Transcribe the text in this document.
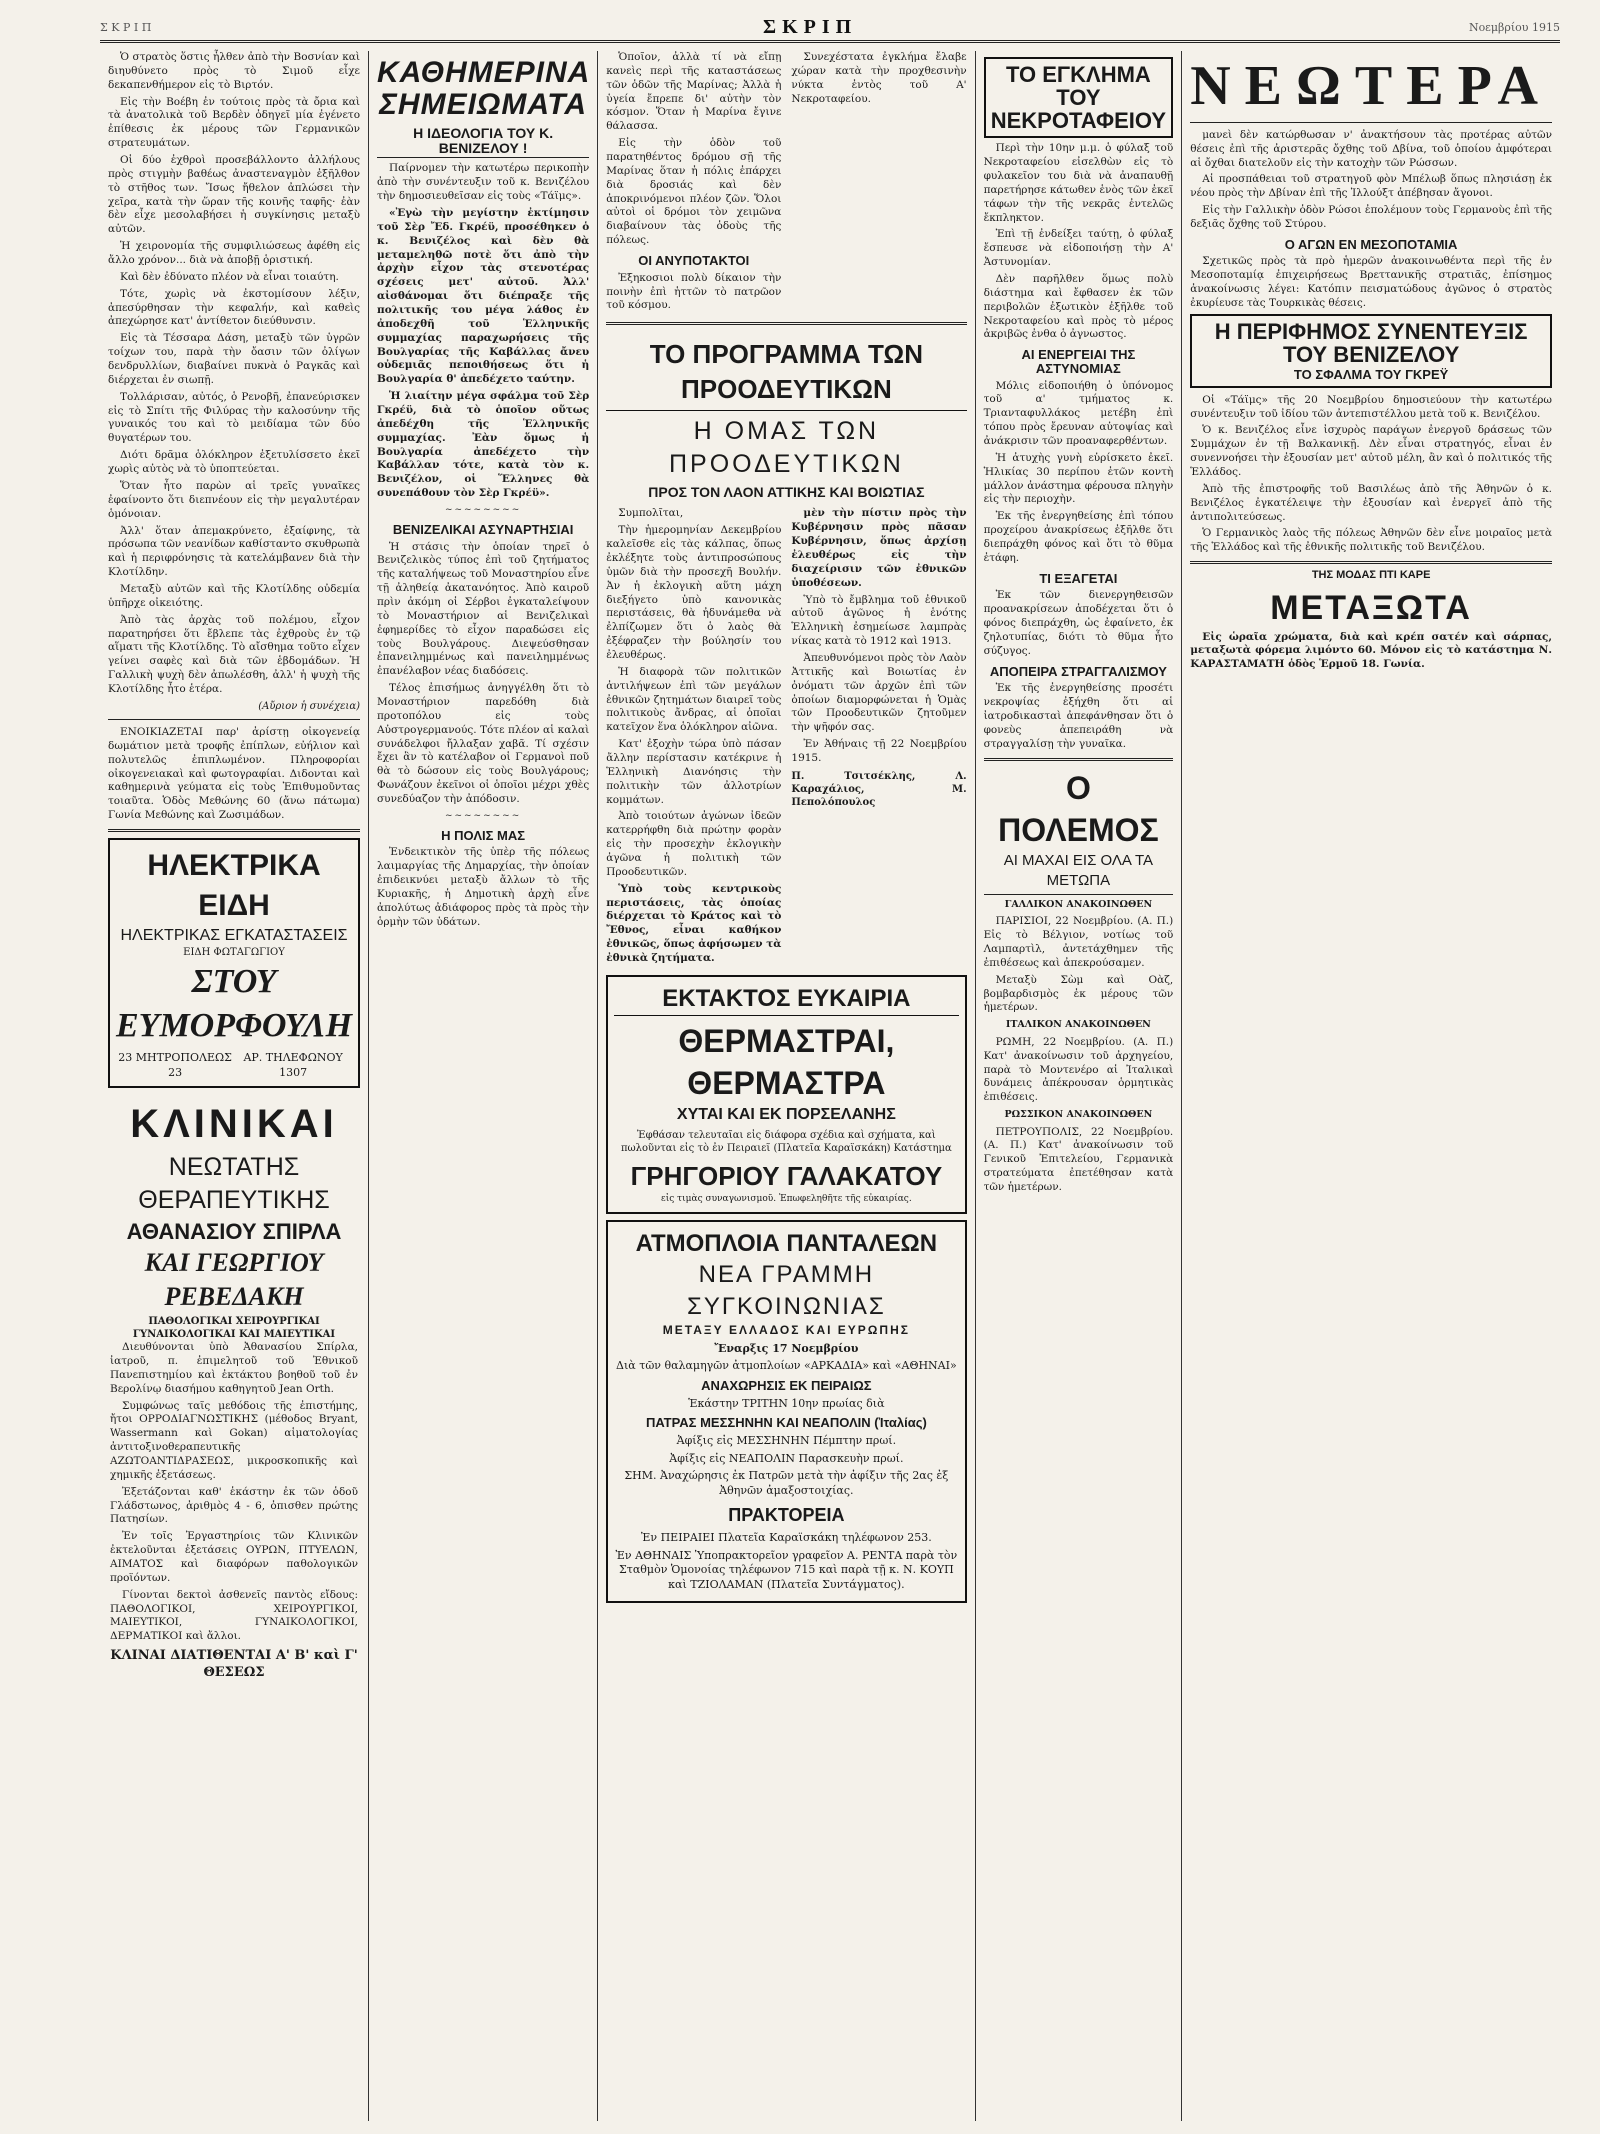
Σ Κ Ρ Ι Π	ΣΚΡΙΠ	Νοεμβρίου 1915

Ὁ στρατὸς ὅστις ἦλθεν ἀπὸ τὴν Βοσνίαν καὶ διηυθύνετο πρὸς τὸ Σιμοῦ εἶχε δεκαπενθήμερον εἰς τὸ Βιρτόν.

Εἰς τὴν Βοέβη ἐν τούτοις πρὸς τὰ ὄρια καὶ τὰ ἀνατολικὰ τοῦ Βερδὲν ὁδηγεῖ μία ἐγένετο ἐπίθεσις ἐκ μέρους τῶν Γερμανικῶν στρατευμάτων.

Οἱ δύο ἐχθροὶ προσεβάλλοντο ἀλλήλους πρὸς στιγμὴν βαθέως ἀναστεναγμὸν ἐξῆλθον τὸ στῆθος των. Ἴσως ἤθελον ἀπλώσει τὴν χεῖρα, κατὰ τὴν ὥραν τῆς κοινῆς ταφῆς· ἐὰν δὲν εἶχε μεσολαβήσει ἡ συγκίνησις μεταξὺ αὐτῶν.

Ἡ χειρονομία τῆς συμφιλιώσεως ἀφέθη εἰς ἄλλο χρόνον... διὰ νὰ ἀποβῇ ὁριστική.

Καὶ δὲν ἐδύνατο πλέον νὰ εἶναι τοιαύτη.

Τότε, χωρὶς νὰ ἐκστομίσουν λέξιν, ἀπεσύρθησαν τὴν κεφαλήν, καὶ καθεὶς ἀπεχώρησε κατ' ἀντίθετον διεύθυνσιν.

Εἰς τὰ Τέσσαρα Δάση, μεταξὺ τῶν ὑγρῶν τοίχων του, παρὰ τὴν ὄασιν τῶν ὀλίγων δενδρυλλίων, διαβαίνει πυκνὰ ὁ Ραγκᾶς καὶ διέρχεται ἐν σιωπῇ.

Τολλάρισαν, αὐτός, ὁ Ρενοβῆ, ἐπανεύρισκεν εἰς τὸ Σπίτι τῆς Φιλύρας τὴν καλοσύνην τῆς γυναικός του καὶ τὸ μειδίαμα τῶν δύο θυγατέρων του.

Διότι δρᾶμα ὁλόκληρον ἐξετυλίσσετο ἐκεῖ χωρὶς αὐτὸς νὰ τὸ ὑποπτεύεται.

Ὅταν ἦτο παρὼν αἱ τρεῖς γυναῖκες ἐφαίνοντο ὅτι διεπνέουν εἰς τὴν μεγαλυτέραν ὁμόνοιαν.

Ἀλλ' ὅταν ἀπεμακρύνετο, ἐξαίφνης, τὰ πρόσωπα τῶν νεανίδων καθίσταντο σκυθρωπὰ καὶ ἡ περιφρόνησις τὰ κατελάμβανεν διὰ τὴν Κλοτίλδην.

Μεταξὺ αὐτῶν καὶ τῆς Κλοτίλδης οὐδεμία ὑπῆρχε οἰκειότης.

Ἀπὸ τὰς ἀρχὰς τοῦ πολέμου, εἶχον παρατηρήσει ὅτι ἔβλεπε τὰς ἐχθροὺς ἐν τῷ αἵματι τῆς Κλοτίλδης. Τὸ αἴσθημα τοῦτο εἶχεν γείνει σαφὲς καὶ διὰ τῶν ἑβδομάδων. Ἡ Γαλλικὴ ψυχὴ δὲν ἀπωλέσθη, ἀλλ' ἡ ψυχὴ τῆς Κλοτίλδης ἦτο ἑτέρα.

(Αὔριον ἡ συνέχεια)

ΕΝΟΙΚΙΑΖΕΤΑΙ παρ' ἀρίστῃ οἰκογενείᾳ δωμάτιον μετὰ τροφῆς ἐπίπλων, εὐήλιον καὶ πολυτελῶς ἐπιπλωμένον. Πληροφορίαι οἰκογενειακαὶ καὶ φωτογραφίαι. Διδονται καὶ καθημερινὰ γεύματα εἰς τοὺς Ἐπιθυμοῦντας τοιαῦτα. Ὁδὸς Μεθώνης 60 (ἄνω πάτωμα) Γωνία Μεθώνης καὶ Ζωσιμάδων.

ΗΛΕΚΤΡΙΚΑ ΕΙΔΗ
ΗΛΕΚΤΡΙΚΑΣ ΕΓΚΑΤΑΣΤΑΣΕΙΣ
ΕΙΔΗ ΦΩΤΑΓΩΓΙΟΥ
ΣΤΟΥ ΕΥΜΟΡΦΟΥΛΗ
23 ΜΗΤΡΟΠΟΛΕΩΣ 23
ΑΡ. ΤΗΛΕΦΩΝΟΥ 1307
ΚΛΙΝΙΚΑΙ
ΝΕΩΤΑΤΗΣ ΘΕΡΑΠΕΥΤΙΚΗΣ
ΑΘΑΝΑΣΙΟΥ ΣΠΙΡΛΑ
ΚΑΙ ΓΕΩΡΓΙΟΥ ΡΕΒΕΔΑΚΗ
ΠΑΘΟΛΟΓΙΚΑΙ ΧΕΙΡΟΥΡΓΙΚΑΙ ΓΥΝΑΙΚΟΛΟΓΙΚΑΙ ΚΑΙ ΜΑΙΕΥΤΙΚΑΙ

Διευθύνονται ὑπὸ Ἀθανασίου Σπίρλα, ἰατροῦ, π. ἐπιμελητοῦ τοῦ Ἐθνικοῦ Πανεπιστημίου καὶ ἐκτάκτου βοηθοῦ τοῦ ἐν Βερολίνῳ διασήμου καθηγητοῦ Jean Orth.

Συμφώνως ταῖς μεθόδοις τῆς ἐπιστήμης, ἤτοι ΟΡΡΟΔΙΑΓΝΩΣΤΙΚΗΣ (μέθοδος Bryant, Wassermann καὶ Gokan) αἱματολογίας ἀντιτοξινοθεραπευτικῆς ΑΖΩΤΟΑΝΤΙΔΡΑΣΕΩΣ, μικροσκοπικῆς καὶ χημικῆς ἐξετάσεως.

Ἐξετάζονται καθ' ἑκάστην ἐκ τῶν ὁδοῦ Γλάδστωνος, ἀριθμὸς 4 - 6, ὀπισθεν πρώτης Πατησίων.

Ἐν τοῖς Ἐργαστηρίοις τῶν Κλινικῶν ἐκτελοῦνται ἐξετάσεις ΟΥΡΩΝ, ΠΤΥΕΛΩΝ, ΑΙΜΑΤΟΣ καὶ διαφόρων παθολογικῶν προϊόντων.

Γίνονται δεκτοὶ ἀσθενεῖς παντὸς εἴδους: ΠΑΘΟΛΟΓΙΚΟΙ, ΧΕΙΡΟΥΡΓΙΚΟΙ, ΜΑΙΕΥΤΙΚΟΙ, ΓΥΝΑΙΚΟΛΟΓΙΚΟΙ, ΔΕΡΜΑΤΙΚΟΙ καὶ ἄλλοι.

ΚΛΙΝΑΙ ΔΙΑΤΙΘΕΝΤΑΙ Α' Β' καὶ Γ' ΘΕΣΕΩΣ
ΚΑΘΗΜΕΡΙΝΑ ΣΗΜΕΙΩΜΑΤΑ
Η ΙΔΕΟΛΟΓΙΑ ΤΟΥ Κ. ΒΕΝΙΖΕΛΟΥ !

Παίρνομεν τὴν κατωτέρω περικοπὴν ἀπὸ τὴν συνέντευξιν τοῦ κ. Βενιζέλου τὴν δημοσιευθεῖσαν εἰς τοὺς «Τάϊμς».

«Ἐγὼ τὴν μεγίστην ἐκτίμησιν τοῦ Σὲρ Ἔδ. Γκρέϋ, προσέθηκεν ὁ κ. Βενιζέλος καὶ δὲν θὰ μεταμεληθῶ ποτὲ ὅτι ἀπὸ τὴν ἀρχὴν εἶχον τὰς στενοτέρας σχέσεις μετ' αὐτοῦ. Ἀλλ' αἰσθάνομαι ὅτι διέπραξε τῆς πολιτικῆς του μέγα λάθος ἐν ἀποδεχθῆ τοῦ Ἑλληνικῆς συμμαχίας παραχωρήσεις τῆς Βουλγαρίας τῆς Καβάλλας ἄνευ οὐδεμιᾶς πεποιθήσεως ὅτι ἡ Βουλγαρία θ' ἀπεδέχετο ταύτην.

Ἡ λιαίτην μέγα σφάλμα τοῦ Σὲρ Γκρέϋ, διὰ τὸ ὁποῖον οὕτως ἀπεδέχθη τῆς Ἑλληνικῆς συμμαχίας. Ἐὰν ὅμως ἡ Βουλγαρία ἀπεδέχετο τὴν Καβάλλαν τότε, κατὰ τὸν κ. Βενιζέλον, οἱ Ἕλληνες θὰ συνεπάθουν τὸν Σὲρ Γκρέϋ».

~~~~~~~~
ΒΕΝΙΖΕΛΙΚΑΙ ΑΣΥΝΑΡΤΗΣΙΑΙ

Ἡ στάσις τὴν ὁποίαν τηρεῖ ὁ Βενιζελικὸς τύπος ἐπὶ τοῦ ζητήματος τῆς καταλήψεως τοῦ Μοναστηρίου εἶνε τῇ ἀληθείᾳ ἀκατανόητος. Ἀπὸ καιροῦ πρὶν ἀκόμη οἱ Σέρβοι ἐγκαταλείψουν τὸ Μοναστήριον αἱ Βενιζελικαὶ ἐφημερίδες τὸ εἶχον παραδώσει εἰς τοὺς Βουλγάρους. Διεψεύσθησαν ἐπανειλημμένως καὶ πανειλημμένως ἐπανέλαβον νέας διαδόσεις.

Τέλος ἐπισήμως ἀνηγγέλθη ὅτι τὸ Μοναστήριον παρεδόθη διὰ προτοπόλου εἰς τοὺς Αὐστρογερμανούς. Τότε πλέον αἱ καλαὶ συνάδελφοι ἤλλαξαν χαβᾶ. Τί σχέσιν ἔχει ἂν τὸ κατέλαβον οἱ Γερμανοὶ ποῦ θὰ τὸ δώσουν εἰς τοὺς Βουλγάρους; Φωνάζουν ἐκεῖνοι οἱ ὁποῖοι μέχρι χθὲς συνεδύαζον τὴν ἀπόδοσιν.

~~~~~~~~
Η ΠΟΛΙΣ ΜΑΣ

Ἐνδεικτικὸν τῆς ὑπὲρ τῆς πόλεως λαιμαργίας τῆς Δημαρχίας, τὴν ὁποίαν ἐπιδεικνύει μεταξὺ ἄλλων τὸ τῆς Κυριακῆς, ἡ Δημοτικὴ ἀρχὴ εἶνε ἀπολύτως ἀδιάφορος πρὸς τὰ πρὸς τὴν ὁρμὴν τῶν ὑδάτων.

Ὁποῖον, ἀλλὰ τί νὰ εἴπῃ κανεὶς περὶ τῆς καταστάσεως τῶν ὁδῶν τῆς Μαρίνας; Ἀλλὰ ἡ ὑγεία ἔπρεπε δι' αὐτὴν τὸν κόσμον. Ὅταν ἡ Μαρίνα ἔγινε θάλασσα.

Εἰς τὴν ὁδὸν τοῦ παρατηθέντος δρόμου σῇ τῆς Μαρίνας ὅταν ἡ πόλις ἐπάρχει διὰ δροσιάς καὶ δὲν ἀποκρινόμενοι πλέον ζῶν. Ὅλοι αὐτοὶ οἱ δρόμοι τὸν χειμῶνα διαβαίνουν τὰς ὁδοὺς τῆς πόλεως.

ΟΙ ΑΝΥΠΟΤΑΚΤΟΙ

Ἐξηκοσιοι πολὺ δίκαιον τὴν ποινὴν ἐπὶ ἡττῶν τὸ πατρῶον τοῦ κόσμου.

Συνεχέστατα ἐγκλήμα ἔλαβε χώραν κατὰ τὴν προχθεσινὴν νύκτα ἐντὸς τοῦ Α' Νεκροταφείου.

ΤΟ ΠΡΟΓΡΑΜΜΑ ΤΩΝ ΠΡΟΟΔΕΥΤΙΚΩΝ
Η ΟΜΑΣ ΤΩΝ ΠΡΟΟΔΕΥΤΙΚΩΝ
ΠΡΟΣ ΤΟΝ ΛΑΟΝ ΑΤΤΙΚΗΣ ΚΑΙ ΒΟΙΩΤΙΑΣ

Συμπολῖται,

Τὴν ἡμερομηνίαν Δεκεμβρίου καλεῖσθε εἰς τὰς κάλπας, ὅπως ἐκλέξητε τοὺς ἀντιπροσώπους ὑμῶν διὰ τὴν προσεχῆ Βουλήν. Ἀν ἡ ἐκλογικὴ αὕτη μάχη διεξήγετο ὑπὸ κανονικὰς περιστάσεις, θὰ ἠδυνάμεθα νὰ ἐλπίζωμεν ὅτι ὁ λαὸς θὰ ἐξέφραζεν τὴν βούλησίν του ἐλευθέρως.

Ἡ διαφορὰ τῶν πολιτικῶν ἀντιλήψεων ἐπὶ τῶν μεγάλων ἐθνικῶν ζητημάτων διαιρεῖ τοὺς πολιτικοὺς ἄνδρας, αἱ ὁποῖαι κατεῖχον ἕνα ὁλόκληρον αἰῶνα.

Κατ' ἐξοχὴν τώρα ὑπὸ πάσαν ἄλλην περίστασιν κατέκρινε ἡ Ἑλληνικὴ Διανόησις τὴν πολιτικὴν τῶν ἀλλοτρίων κομμάτων.

Ἀπὸ τοιούτων ἀγώνων ἰδεῶν κατερρήφθη διὰ πρώτην φορὰν εἰς τὴν προσεχὴν ἐκλογικὴν ἀγῶνα ἡ πολιτικὴ τῶν Προοδευτικῶν.

Ὑπὸ τοὺς κεντρικοὺς περιστάσεις, τὰς ὁποίας διέρχεται τὸ Κράτος καὶ τὸ Ἔθνος, εἶναι καθήκον ἐθνικῶς, ὅπως ἀφήσωμεν τὰ ἐθνικὰ ζητήματα.

μὲν τὴν πίστιν πρὸς τὴν Κυβέρνησιν πρὸς πᾶσαν Κυβέρνησιν, ὅπως ἀρχίσῃ ἐλευθέρως εἰς τὴν διαχείρισιν τῶν ἐθνικῶν ὑποθέσεων.

Ὑπὸ τὸ ἔμβλημα τοῦ ἐθνικοῦ αὐτοῦ ἀγῶνος ἡ ἑνότης Ἑλληνικὴ ἐσημείωσε λαμπρὰς νίκας κατὰ τὸ 1912 καὶ 1913.

Ἀπευθυνόμενοι πρὸς τὸν Λαὸν Ἀττικῆς καὶ Βοιωτίας ἐν ὀνόματι τῶν ἀρχῶν ἐπὶ τῶν ὁποίων διαμορφώνεται ἡ Ὁμὰς τῶν Προοδευτικῶν ζητοῦμεν τὴν ψῆφόν σας.

Ἐν Ἀθήναις τῇ 22 Νοεμβρίου 1915.

Π. Τσιτσέκλης, Λ. Καραχάλιος, Μ. Πεπολόπουλος
ΕΚΤΑΚΤΟΣ ΕΥΚΑΙΡΙΑ
ΘΕΡΜΑΣΤΡΑΙ, ΘΕΡΜΑΣΤΡΑ
ΧΥΤΑΙ ΚΑΙ ΕΚ ΠΟΡΣΕΛΑΝΗΣ
Ἐφθάσαν τελευταῖαι εἰς διάφορα σχέδια καὶ σχήματα, καὶ πωλοῦνται εἰς τὸ ἐν Πειραιεῖ (Πλατεῖα Καραϊσκάκη) Κατάστημα
ΓΡΗΓΟΡΙΟΥ ΓΑΛΑΚΑΤΟΥ
εἰς τιμὰς συναγωνισμοῦ. Ἐπωφεληθῆτε τῆς εὐκαιρίας.
ΑΤΜΟΠΛΟΙΑ ΠΑΝΤΑΛΕΩΝ
ΝΕΑ ΓΡΑΜΜΗ ΣΥΓΚΟΙΝΩΝΙΑΣ
ΜΕΤΑΞΥ ΕΛΛΑΔΟΣ ΚΑΙ ΕΥΡΩΠΗΣ
Ἔναρξις 17 Νοεμβρίου
Διὰ τῶν θαλαμηγῶν ἀτμοπλοίων «ΑΡΚΑΔΙΑ» καὶ «ΑΘΗΝΑΙ»
ΑΝΑΧΩΡΗΣΙΣ ΕΚ ΠΕΙΡΑΙΩΣ
Ἑκάστην ΤΡΙΤΗΝ 10ην πρωίας διὰ
ΠΑΤΡΑΣ ΜΕΣΣΗΝΗΝ ΚΑΙ ΝΕΑΠΟΛΙΝ (Ἰταλίας)
Ἀφίξις εἰς ΜΕΣΣΗΝΗΝ Πέμπτην πρωί.
Ἀφίξις εἰς ΝΕΑΠΟΛΙΝ Παρασκευὴν πρωί.
ΣΗΜ. Ἀναχώρησις ἐκ Πατρῶν μετὰ τὴν ἀφίξιν τῆς 2ας ἐξ Ἀθηνῶν ἀμαξοστοιχίας.
ΠΡΑΚΤΟΡΕΙΑ
Ἐν ΠΕΙΡΑΙΕΙ Πλατεῖα Καραϊσκάκη τηλέφωνον 253.
Ἐν ΑΘΗΝΑΙΣ Ὑποπρακτορεῖον γραφεῖον Α. ΡΕΝΤΑ παρὰ τὸν Σταθμὸν Ὁμονοίας τηλέφωνον 715 καὶ παρὰ τῇ κ. Ν. ΚΟΥΠ καὶ ΤΖΙΟΛΑΜΑΝ (Πλατεῖα Συντάγματος).
ΤΟ ΕΓΚΛΗΜΑ ΤΟΥ ΝΕΚΡΟΤΑΦΕΙΟΥ

Περὶ τὴν 10ην μ.μ. ὁ φύλαξ τοῦ Νεκροταφείου εἰσελθὼν εἰς τὸ φυλακεῖον του διὰ νὰ ἀναπαυθῇ παρετήρησε κάτωθεν ἑνὸς τῶν ἐκεῖ τάφων τὴν τῆς νεκρᾶς ἐντελῶς ἔκπληκτον.

Ἐπὶ τῇ ἐνδείξει ταύτῃ, ὁ φύλαξ ἔσπευσε νὰ εἰδοποιήσῃ τὴν Α' Ἀστυνομίαν.

Δὲν παρῆλθεν ὅμως πολὺ διάστημα καὶ ἔφθασεν ἐκ τῶν περιβολῶν ἐξωτικὸν ἐξῆλθε τοῦ Νεκροταφείου καὶ πρὸς τὸ μέρος ἀκριβῶς ἐνθα ὁ ἀγνωστος.

ΑΙ ΕΝΕΡΓΕΙΑΙ ΤΗΣ ΑΣΤΥΝΟΜΙΑΣ

Μόλις εἰδοποιήθη ὁ ὑπόνομος τοῦ α' τμήματος κ. Τριανταφυλλάκος μετέβη ἐπὶ τόπου πρὸς ἔρευναν αὐτοψίας καὶ ἀνάκρισιν τῶν προαναφερθέντων.

Ἡ ἀτυχὴς γυνὴ εὑρίσκετο ἐκεῖ. Ἡλικίας 30 περίπου ἐτῶν κοντὴ μάλλον ἀνάστημα φέρουσα πληγὴν εἰς τὴν περιοχὴν.

Ἐκ τῆς ἐνεργηθείσης ἐπὶ τόπου προχείρου ἀνακρίσεως ἐξῆλθε ὅτι διεπράχθη φόνος καὶ ὅτι τὸ θῦμα ἐτάφη.

ΤΙ ΕΞΑΓΕΤΑΙ

Ἐκ τῶν διενεργηθεισῶν προανακρίσεων ἀποδέχεται ὅτι ὁ φόνος διεπράχθη, ὡς ἐφαίνετο, ἐκ ζηλοτυπίας, διότι τὸ θῦμα ἦτο σύζυγος.

ΑΠΟΠΕΙΡΑ ΣΤΡΑΓΓΑΛΙΣΜΟΥ

Ἐκ τῆς ἐνεργηθείσης προσέτι νεκροψίας ἐξήχθη ὅτι αἱ ἰατροδικασταὶ ἀπεφάνθησαν ὅτι ὁ φονεὺς ἀπεπειράθη νὰ στραγγαλίσῃ τὴν γυναῖκα.

Ο ΠΟΛΕΜΟΣ
ΑΙ ΜΑΧΑΙ ΕΙΣ ΟΛΑ ΤΑ ΜΕΤΩΠΑ
ΓΑΛΛΙΚΟΝ ΑΝΑΚΟΙΝΩΘΕΝ

ΠΑΡΙΣΙΟΙ, 22 Νοεμβρίου. (Α. Π.) Εἰς τὸ Βέλγιον, νοτίως τοῦ Λαμπαρτὶλ, ἀντετάχθημεν τῆς ἐπιθέσεως καὶ ἀπεκρούσαμεν.

Μεταξὺ Σὼμ καὶ Οὰζ, βομβαρδισμὸς ἐκ μέρους τῶν ἡμετέρων.

ΙΤΑΛΙΚΟΝ ΑΝΑΚΟΙΝΩΘΕΝ

ΡΩΜΗ, 22 Νοεμβρίου. (Α. Π.) Κατ' ἀνακοίνωσιν τοῦ ἀρχηγείου, παρὰ τὸ Μοντενέρο αἱ Ἰταλικαὶ δυνάμεις ἀπέκρουσαν ὁρμητικὰς ἐπιθέσεις.

ΡΩΣΣΙΚΟΝ ΑΝΑΚΟΙΝΩΘΕΝ

ΠΕΤΡΟΥΠΟΛΙΣ, 22 Νοεμβρίου. (Α. Π.) Κατ' ἀνακοίνωσιν τοῦ Γενικοῦ Ἐπιτελείου, Γερμανικὰ στρατεύματα ἐπετέθησαν κατὰ τῶν ἡμετέρων.

ΝΕΩΤΕΡΑ

μανεὶ δὲν κατώρθωσαν ν' ἀνακτήσουν τὰς προτέρας αὐτῶν θέσεις ἐπὶ τῆς ἀριστερᾶς ὄχθης τοῦ Δβίνα, τοῦ ὁποίου ἀμφότεραι αἱ ὄχθαι διατελοῦν εἰς τὴν κατοχὴν τῶν Ρώσσων.

Αἱ προσπάθειαι τοῦ στρατηγοῦ φὸν Μπέλωβ ὅπως πλησιάσῃ ἐκ νέου πρὸς τὴν Δβίναν ἐπὶ τῆς Ἰλλούξτ ἀπέβησαν ἄγονοι.

Εἰς τὴν Γαλλικὴν ὁδὸν Ρώσοι ἐπολέμουν τοὺς Γερμανοὺς ἐπὶ τῆς δεξιᾶς ὄχθης τοῦ Στύρου.

Ο ΑΓΩΝ ΕΝ ΜΕΣΟΠΟΤΑΜΙΑ

Σχετικῶς πρὸς τὰ πρὸ ἡμερῶν ἀνακοινωθέντα περὶ τῆς ἐν Μεσοποταμίᾳ ἐπιχειρήσεως Βρεττανικῆς στρατιᾶς, ἐπίσημος ἀνακοίνωσις λέγει: Κατόπιν πεισματώδους ἀγῶνος ὁ στρατὸς ἐκυρίευσε τὰς Τουρκικὰς θέσεις.

Η ΠΕΡΙΦΗΜΟΣ ΣΥΝΕΝΤΕΥΞΙΣ ΤΟΥ ΒΕΝΙΖΕΛΟΥ
ΤΟ ΣΦΑΛΜΑ ΤΟΥ ΓΚΡΕΫ

Οἱ «Τάϊμς» τῆς 20 Νοεμβρίου δημοσιεύουν τὴν κατωτέρω συνέντευξιν τοῦ ἰδίου τῶν ἀντεπιστέλλου μετὰ τοῦ κ. Βενιζέλου.

Ὁ κ. Βενιζέλος εἶνε ἰσχυρὸς παράγων ἐνεργοῦ δράσεως τῶν Συμμάχων ἐν τῇ Βαλκανικῇ. Δὲν εἶναι στρατηγός, εἶναι ἐν συνεννοήσει τὴν ἐξουσίαν μετ' αὐτοῦ μέλη, ἂν καὶ ὁ πολιτικός τῆς Ἑλλάδος.

Ἀπὸ τῆς ἐπιστροφῆς τοῦ Βασιλέως ἀπὸ τῆς Ἀθηνῶν ὁ κ. Βενιζέλος ἐγκατέλειψε τὴν ἐξουσίαν καὶ ἐνεργεῖ ἀπὸ τῆς ἀντιπολιτεύσεως.

Ὁ Γερμανικὸς λαὸς τῆς πόλεως Ἀθηνῶν δὲν εἶνε μοιραῖος μετὰ τῆς Ἑλλάδος καὶ τῆς ἐθνικῆς πολιτικῆς τοῦ Βενιζέλου.

ΤΗΣ ΜΟΔΑΣ ΠΤΙ ΚΑΡΕ
ΜΕΤΑΞΩΤΑ

Εἰς ὡραῖα χρώματα, διὰ καὶ κρέπ σατέν καὶ σάρπας, μεταξωτὰ φόρεμα λιμόντο 60. Μόνον εἰς τὸ κατάστημα Ν. ΚΑΡΑΣΤΑΜΑΤΗ ὁδὸς Ἑρμοῦ 18. Γωνία.
